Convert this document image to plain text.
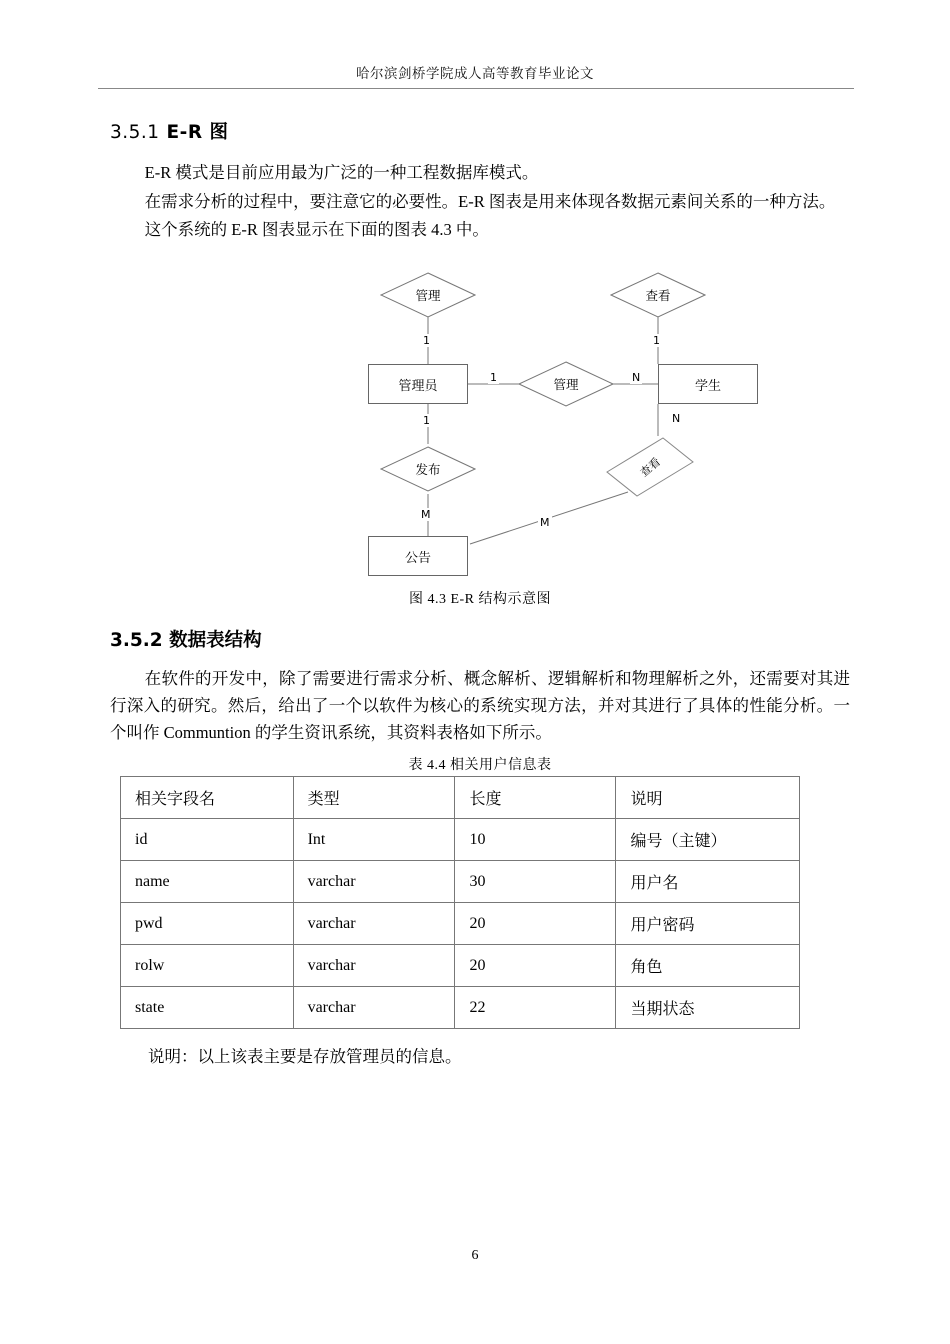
哈尔滨剑桥学院成人高等教育毕业论文
3.5.1 E-R 图

E-R 模式是目前应用最为广泛的一种工程数据库模式。

在需求分析的过程中，要注意它的必要性。E-R 图表是用来体现各数据元素间关系的一种方法。

这个系统的 E-R 图表显示在下面的图表 4.3 中。

管理	查看
管理员	管理	学生
发布	查看
公告
1	1
1	N
N
1
M
M
图 4.3 E-R 结构示意图
3.5.2 数据表结构

在软件的开发中，除了需要进行需求分析、概念解析、逻辑解析和物理解析之外，还需要对其进行深入的研究。然后，给出了一个以软件为核心的系统实现方法，并对其进行了具体的性能分析。一个叫作 Communtion 的学生资讯系统，其资料表格如下所示。

表 4.4 相关用户信息表
相关字段名	类型	长度	说明
id	Int	10	编号（主键）
name	varchar	30	用户名
pwd	varchar	20	用户密码
rolw	varchar	20	角色
state	varchar	22	当期状态
说明：以上该表主要是存放管理员的信息。
6
